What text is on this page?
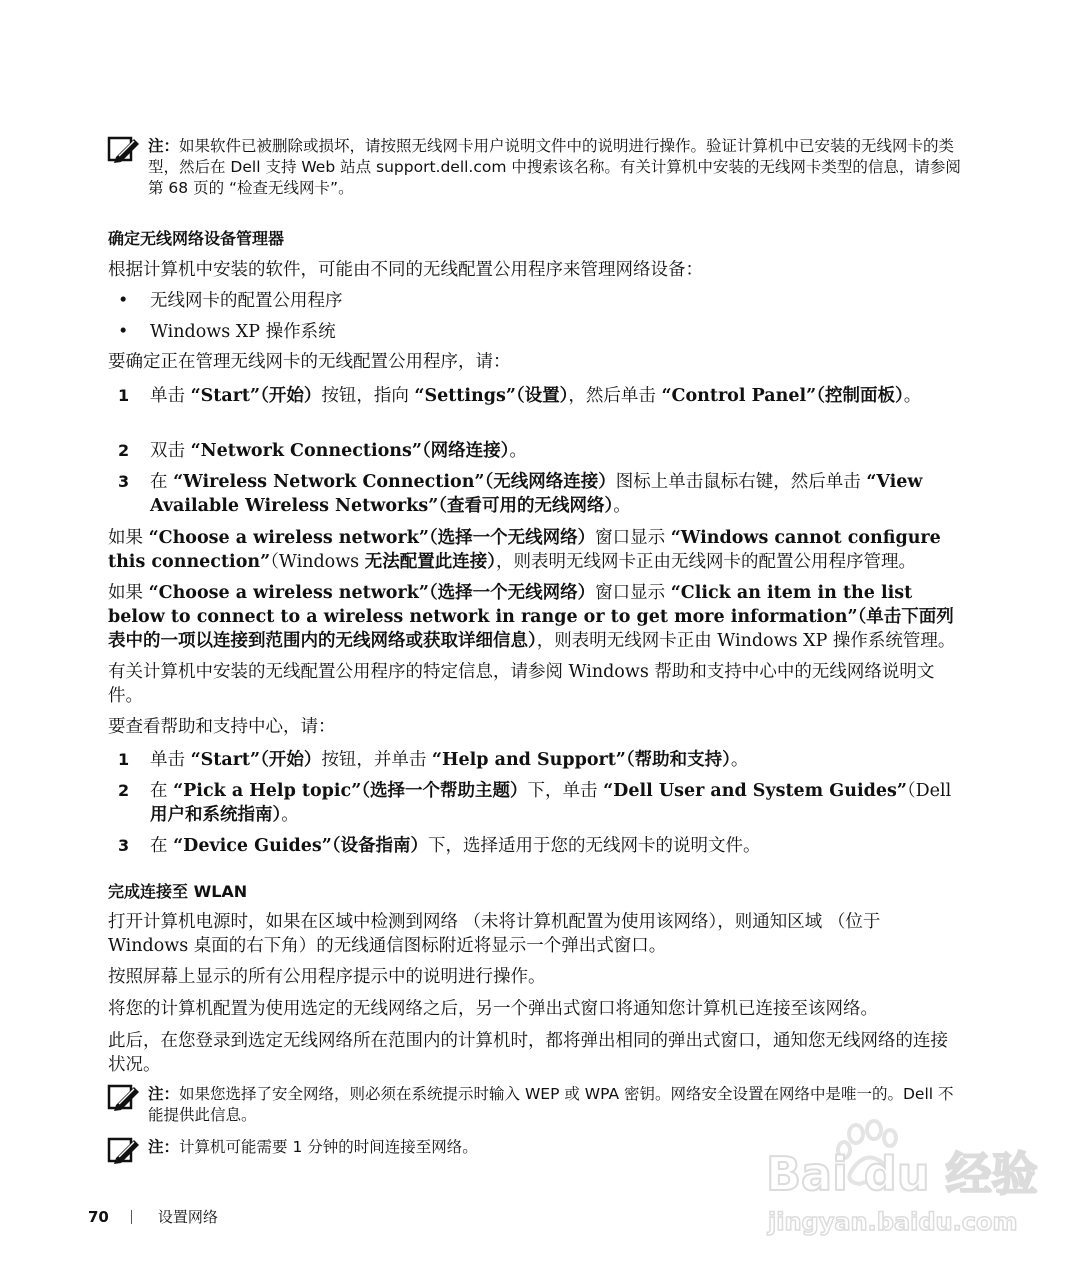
注：如果软件已被删除或损坏，请按照无线网卡用户说明文件中的说明进行操作。验证计算机中已安装的无线网卡的类型，然后在 Dell 支持 Web 站点 support.dell.com 中搜索该名称。有关计算机中安装的无线网卡类型的信息，请参阅第 68 页的 “检查无线网卡”。
确定无线网络设备管理器
根据计算机中安装的软件，可能由不同的无线配置公用程序来管理网络设备：
• 无线网卡的配置公用程序
• Windows XP 操作系统
要确定正在管理无线网卡的无线配置公用程序，请：
1	单击 “Start”（开始）按钮，指向 “Settings”（设置），然后单击 “Control Panel”（控制面板）。
2	双击 “Network Connections”（网络连接）。
3	在 “Wireless Network Connection”（无线网络连接）图标上单击鼠标右键，然后单击 “View Available Wireless Networks”（查看可用的无线网络）。
如果 “Choose a wireless network”（选择一个无线网络）窗口显示 “Windows cannot configure this connection”（Windows 无法配置此连接），则表明无线网卡正由无线网卡的配置公用程序管理。
如果 “Choose a wireless network”（选择一个无线网络）窗口显示 “Click an item in the list below to connect to a wireless network in range or to get more information”（单击下面列表中的一项以连接到范围内的无线网络或获取详细信息），则表明无线网卡正由 Windows XP 操作系统管理。
有关计算机中安装的无线配置公用程序的特定信息，请参阅 Windows 帮助和支持中心中的无线网络说明文件。
要查看帮助和支持中心，请：
1	单击 “Start”（开始）按钮，并单击 “Help and Support”（帮助和支持）。
2	在 “Pick a Help topic”（选择一个帮助主题）下，单击 “Dell User and System Guides”（Dell 用户和系统指南）。
3	在 “Device Guides”（设备指南）下，选择适用于您的无线网卡的说明文件。
完成连接至 WLAN
打开计算机电源时，如果在区域中检测到网络 （未将计算机配置为使用该网络），则通知区域 （位于 Windows 桌面的右下角）的无线通信图标附近将显示一个弹出式窗口。
按照屏幕上显示的所有公用程序提示中的说明进行操作。
将您的计算机配置为使用选定的无线网络之后，另一个弹出式窗口将通知您计算机已连接至该网络。
此后，在您登录到选定无线网络所在范围内的计算机时，都将弹出相同的弹出式窗口，通知您无线网络的连接状况。
注：如果您选择了安全网络，则必须在系统提示时输入 WEP 或 WPA 密钥。网络安全设置在网络中是唯一的。Dell 不能提供此信息。
注：计算机可能需要 1 分钟的时间连接至网络。
70	设置网络
Bai du 经验
jingyan.baidu.com
